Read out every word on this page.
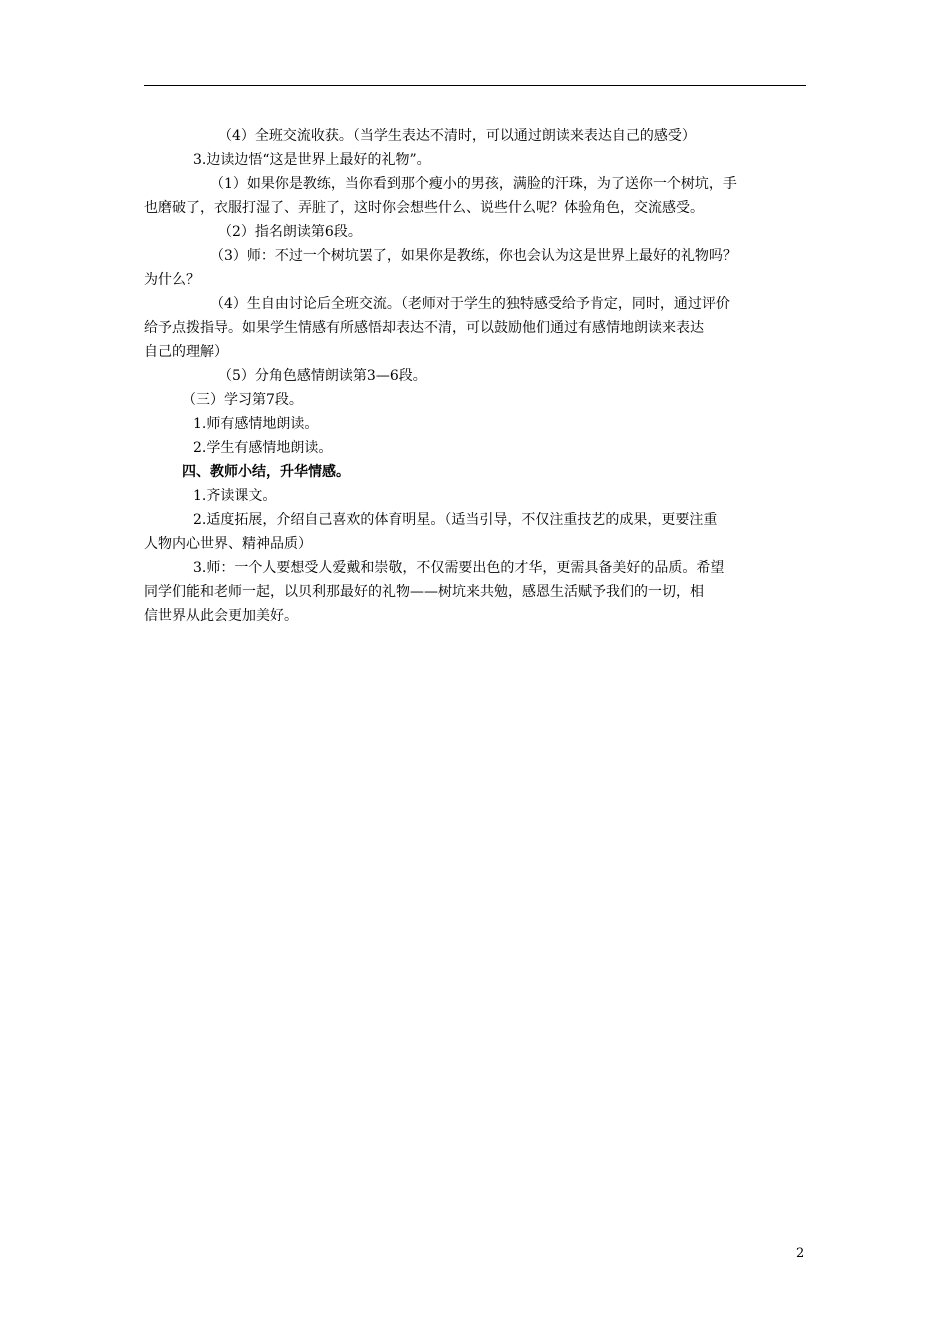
（4）全班交流收获。（当学生表达不清时，可以通过朗读来表达自己的感受）
3.边读边悟“这是世界上最好的礼物”。
（1）如果你是教练，当你看到那个瘦小的男孩，满脸的汗珠，为了送你一个树坑，手
也磨破了，衣服打湿了、弄脏了，这时你会想些什么、说些什么呢？体验角色，交流感受。
（2）指名朗读第6段。
（3）师：不过一个树坑罢了，如果你是教练，你也会认为这是世界上最好的礼物吗？
为什么？
（4）生自由讨论后全班交流。（老师对于学生的独特感受给予肯定，同时，通过评价
给予点拨指导。如果学生情感有所感悟却表达不清，可以鼓励他们通过有感情地朗读来表达
自己的理解）
（5）分角色感情朗读第3—6段。
（三）学习第7段。
1.师有感情地朗读。
2.学生有感情地朗读。
四、教师小结，升华情感。
1.齐读课文。
2.适度拓展，介绍自己喜欢的体育明星。（适当引导，不仅注重技艺的成果，更要注重
人物内心世界、精神品质）
3.师：一个人要想受人爱戴和崇敬，不仅需要出色的才华，更需具备美好的品质。希望
同学们能和老师一起，以贝利那最好的礼物——树坑来共勉，感恩生活赋予我们的一切，相
信世界从此会更加美好。
2
